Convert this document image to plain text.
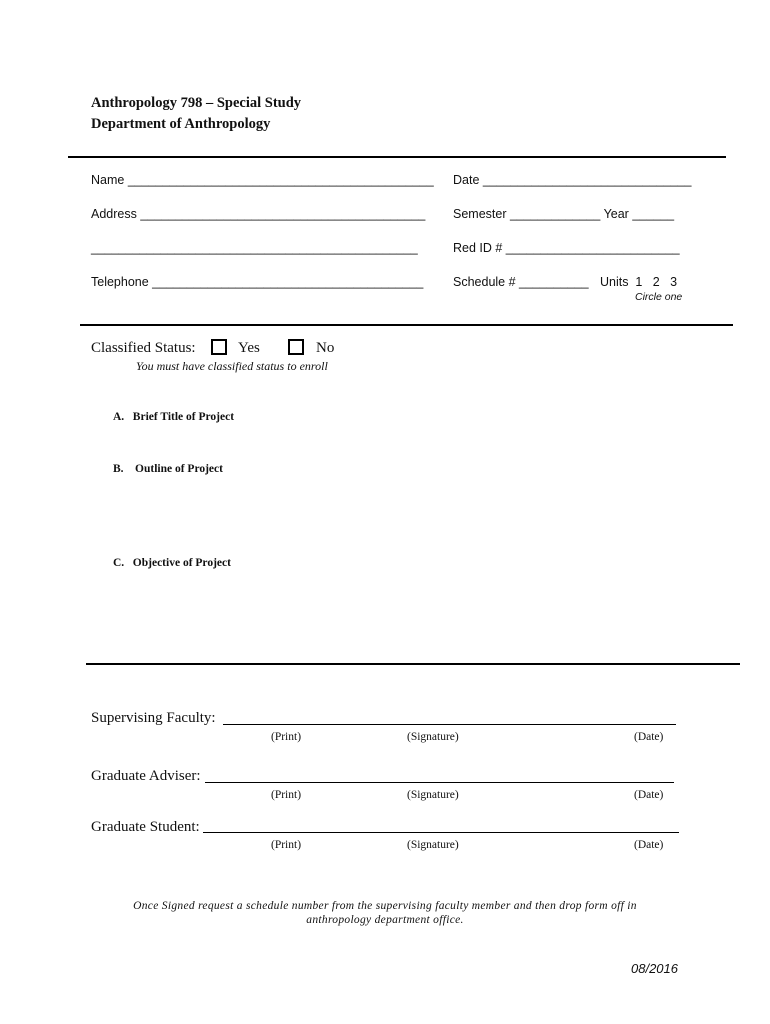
Anthropology 798 – Special Study
Department of Anthropology
Name ____________________________________________ Date ______________________________
Address _________________________________________ Semester _____________ Year ______
_______________________________________________	Red ID # _________________________
Telephone _______________________________________ Schedule # __________ Units  1   2   3
Circle one
Classified Status:	Yes	No
You must have classified status to enroll
A.   Brief Title of Project
B.    Outline of Project
C.   Objective of Project
Supervising Faculty:
(Print)	(Signature)	(Date)
Graduate Adviser:
(Print)	(Signature)	(Date)
Graduate Student:
(Print)	(Signature)	(Date)
Once Signed request a schedule number from the supervising faculty member and then drop form off in
anthropology department office.
08/2016
